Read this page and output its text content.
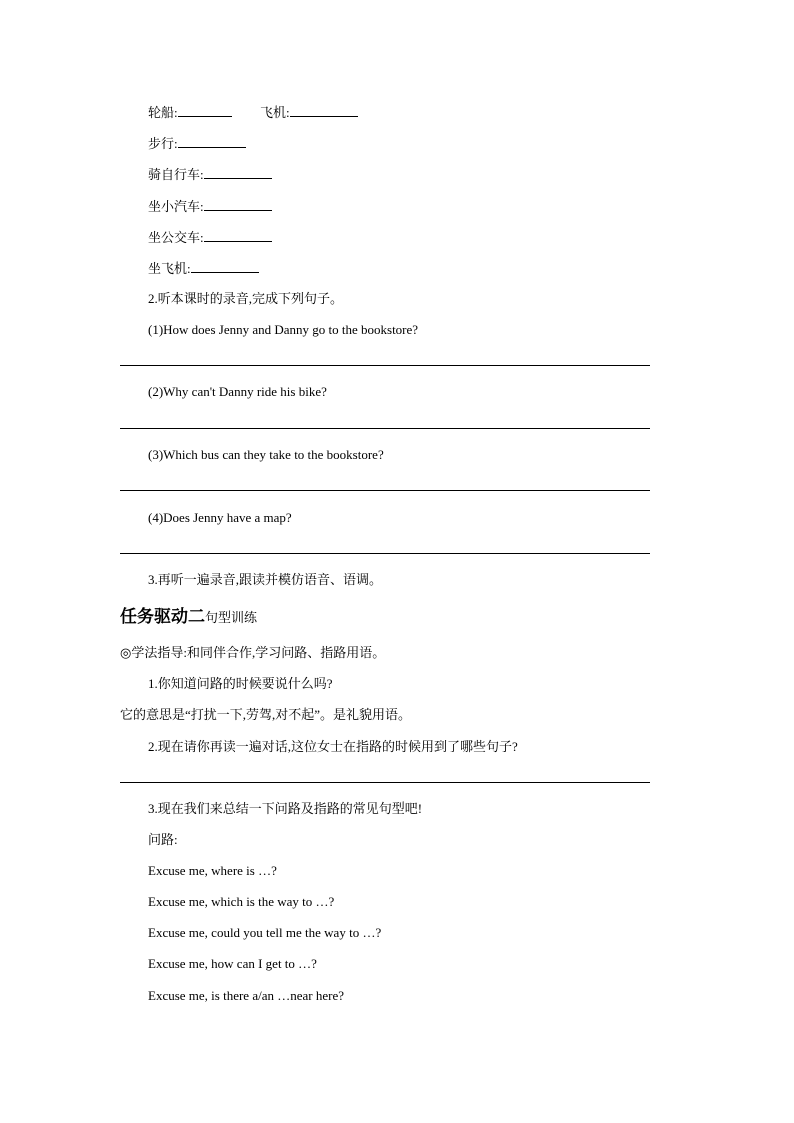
轮船:	飞机:
步行:
骑自行车:
坐小汽车:
坐公交车:
坐飞机:
2.听本课时的录音,完成下列句子。
(1)How does Jenny and Danny go to the bookstore?
(2)Why can't Danny ride his bike?
(3)Which bus can they take to the bookstore?
(4)Does Jenny have a map?
3.再听一遍录音,跟读并模仿语音、语调。
任务驱动二句型训练
◎学法指导:和同伴合作,学习问路、指路用语。
1.你知道问路的时候要说什么吗?
它的意思是“打扰一下,劳驾,对不起”。是礼貌用语。
2.现在请你再读一遍对话,这位女士在指路的时候用到了哪些句子?
3.现在我们来总结一下问路及指路的常见句型吧!
问路:
Excuse me, where is …?
Excuse me, which is the way to …?
Excuse me, could you tell me the way to …?
Excuse me, how can I get to …?
Excuse me, is there a/an …near here?
